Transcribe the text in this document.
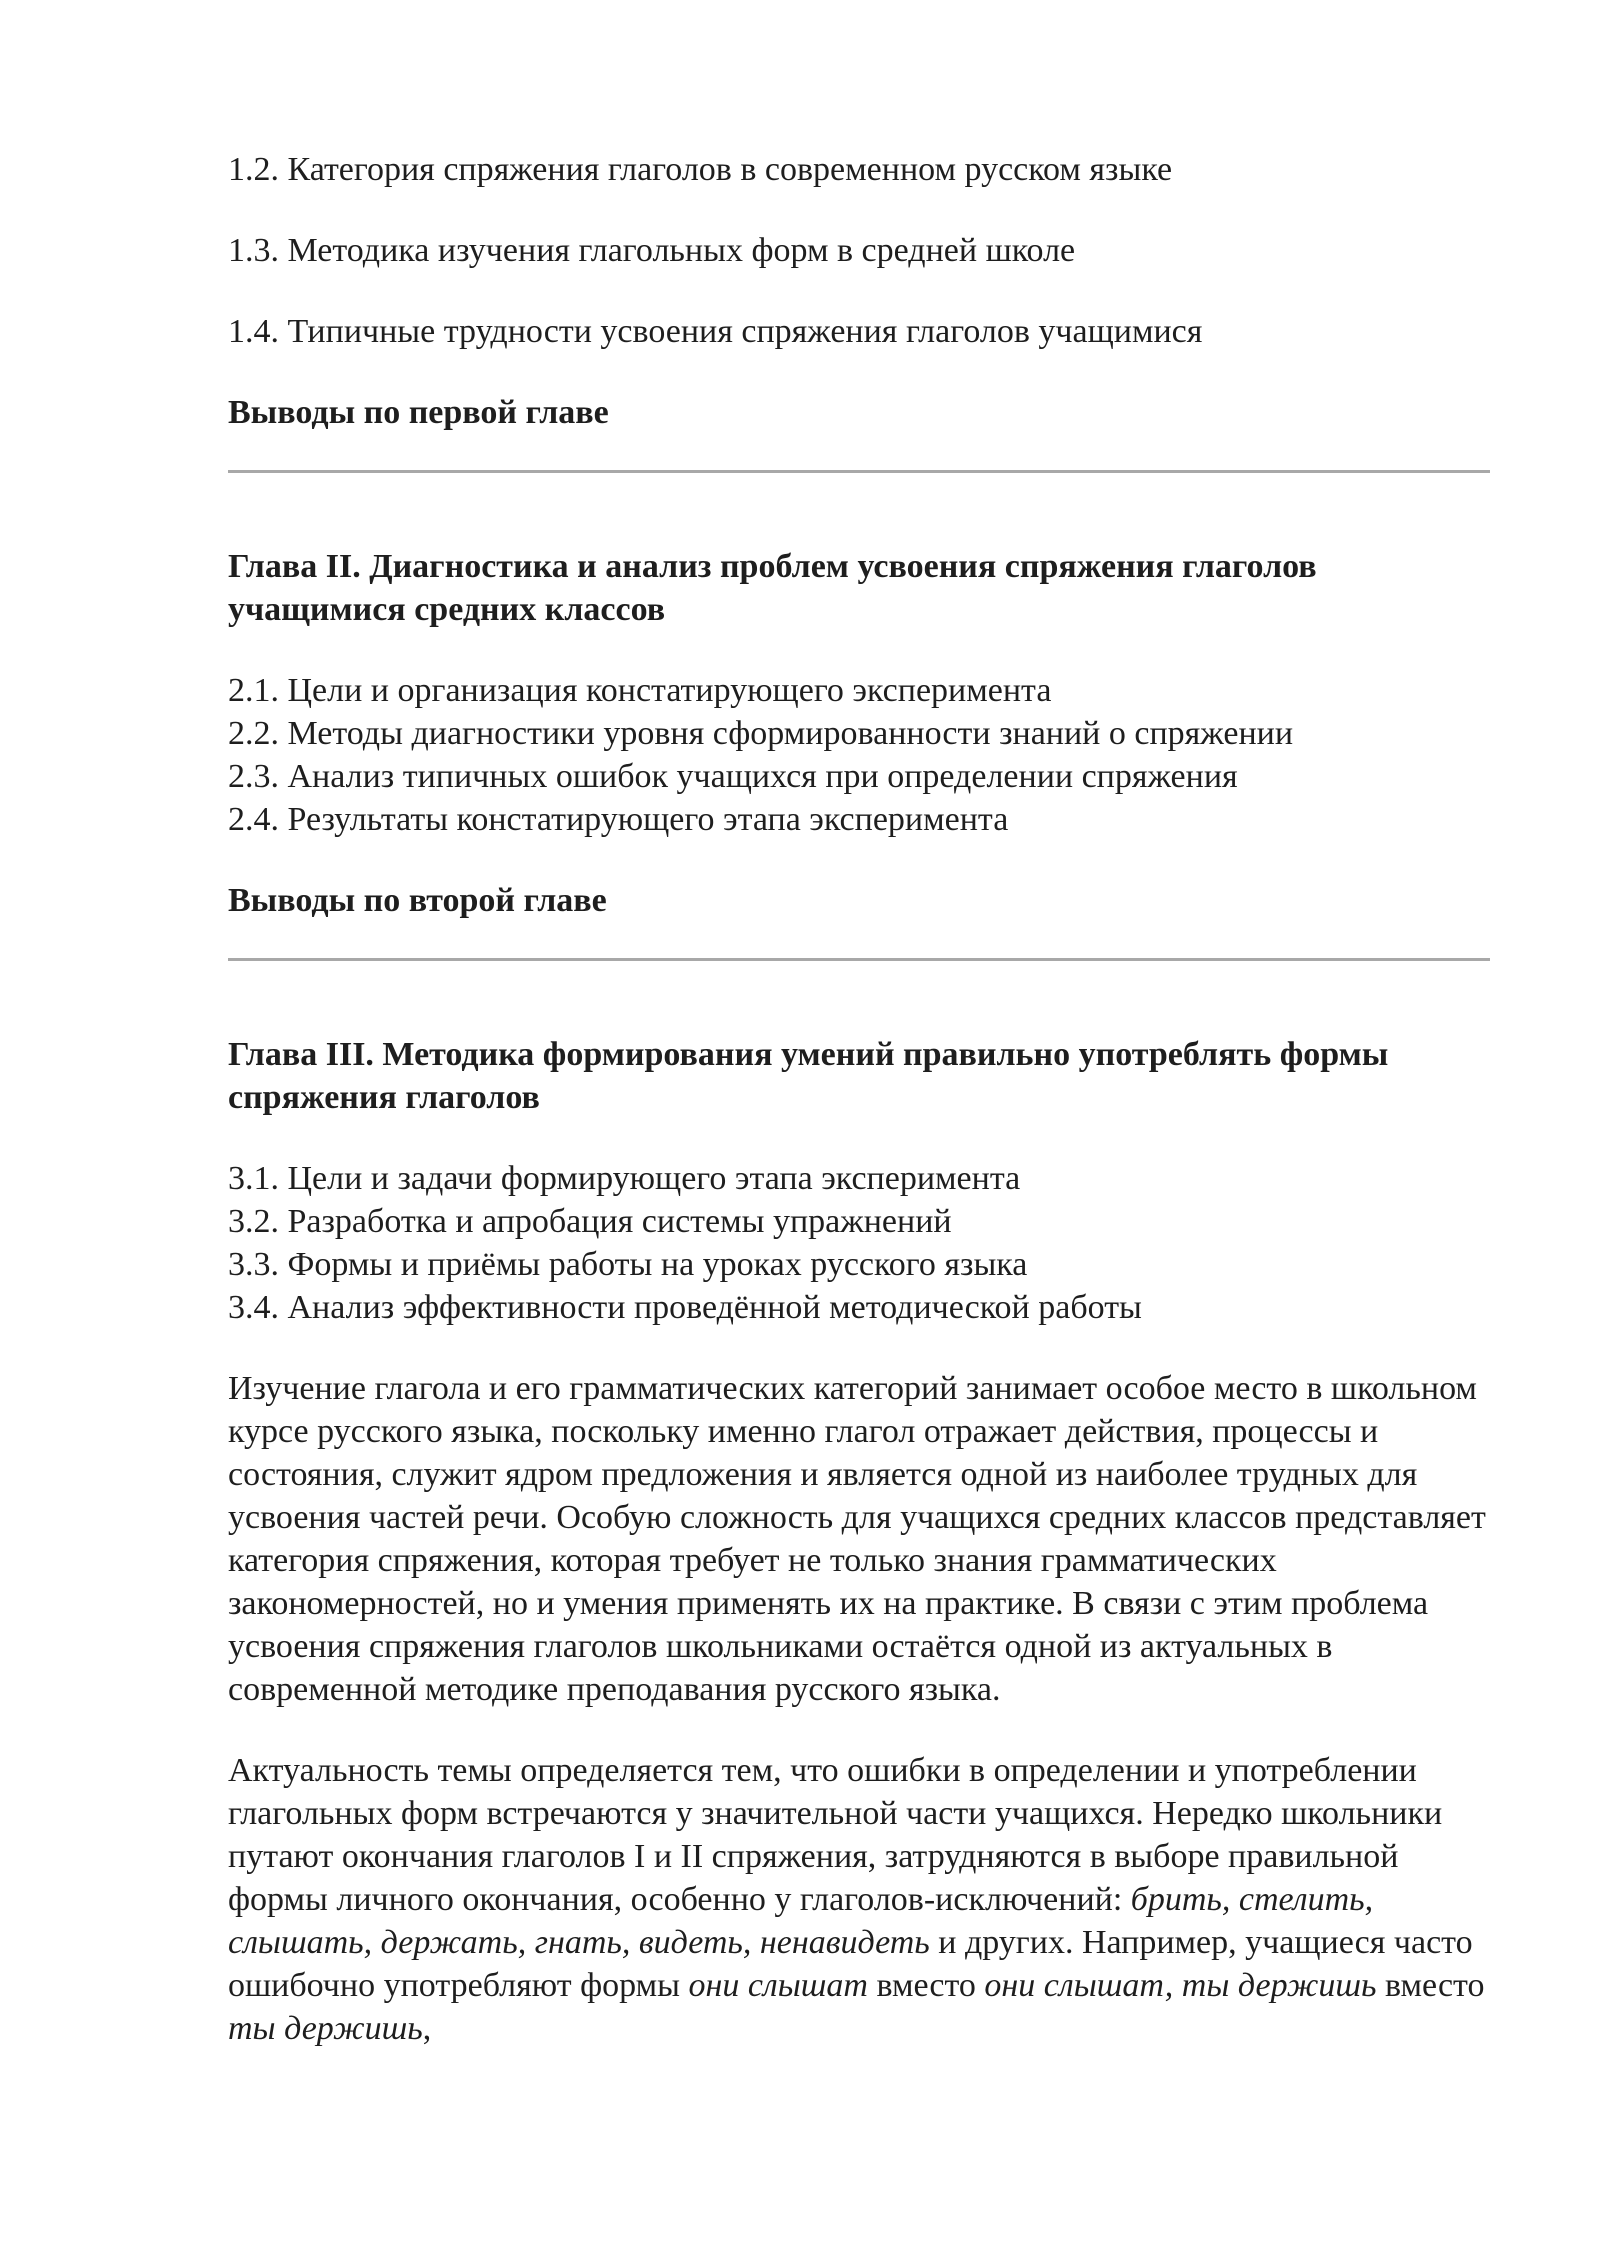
1.2. Категория спряжения глаголов в современном русском языке

1.3. Методика изучения глагольных форм в средней школе

1.4. Типичные трудности усвоения спряжения глаголов учащимися

Выводы по первой главе

Глава II. Диагностика и анализ проблем усвоения спряжения глаголов учащимися средних классов

2.1. Цели и организация констатирующего эксперимента

2.2. Методы диагностики уровня сформированности знаний о спряжении

2.3. Анализ типичных ошибок учащихся при определении спряжения

2.4. Результаты констатирующего этапа эксперимента

Выводы по второй главе

Глава III. Методика формирования умений правильно употреблять формы спряжения глаголов

3.1. Цели и задачи формирующего этапа эксперимента

3.2. Разработка и апробация системы упражнений

3.3. Формы и приёмы работы на уроках русского языка

3.4. Анализ эффективности проведённой методической работы

Изучение глагола и его грамматических категорий занимает особое место в школьном курсе русского языка, поскольку именно глагол отражает действия, процессы и состояния, служит ядром предложения и является одной из наиболее трудных для усвоения частей речи. Особую сложность для учащихся средних классов представляет категория спряжения, которая требует не только знания грамматических закономерностей, но и умения применять их на практике. В связи с этим проблема усвоения спряжения глаголов школьниками остаётся одной из актуальных в современной методике преподавания русского языка.

Актуальность темы определяется тем, что ошибки в определении и употреблении глагольных форм встречаются у значительной части учащихся. Нередко школьники путают окончания глаголов I и II спряжения, затрудняются в выборе правильной формы личного окончания, особенно у глаголов-исключений: брить, стелить, слышать, держать, гнать, видеть, ненавидеть и других. Например, учащиеся часто ошибочно употребляют формы они слышат вместо они слышат, ты держишь вместо ты держишь,
